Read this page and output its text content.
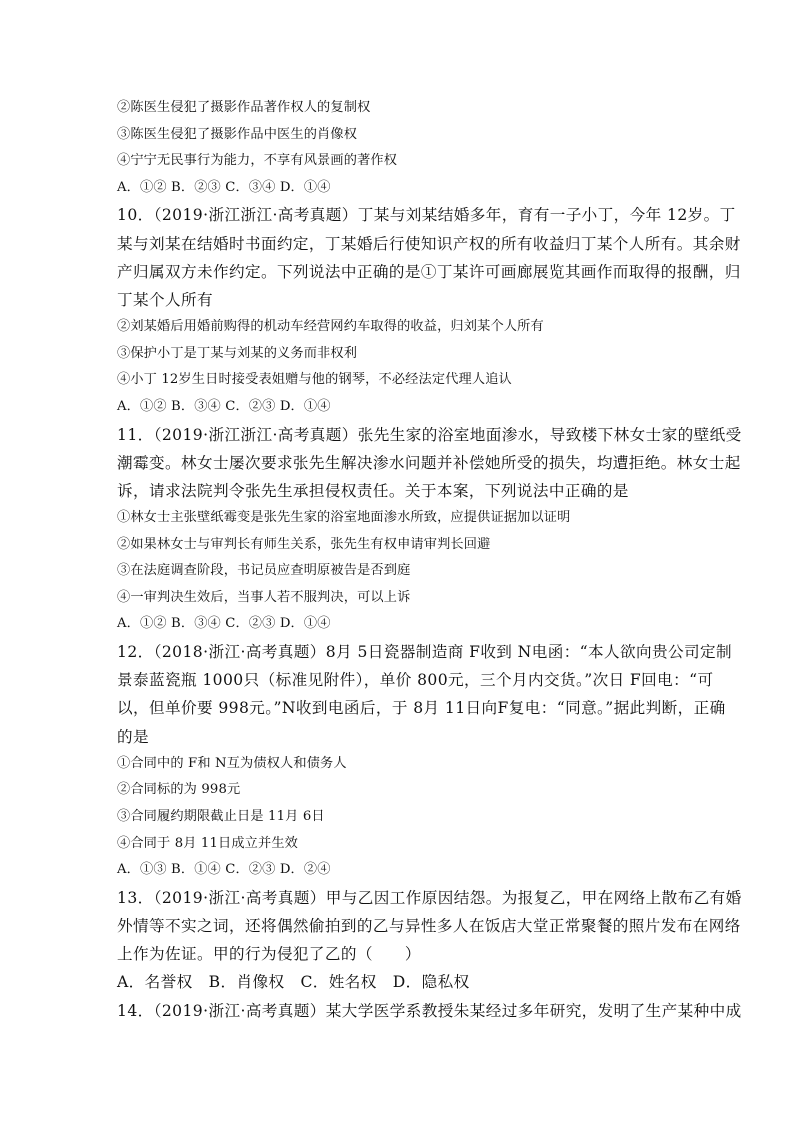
②陈医生侵犯了摄影作品著作权人的复制权
③陈医生侵犯了摄影作品中医生的肖像权
④宁宁无民事行为能力，不享有风景画的著作权
A．①② B．②③ C．③④ D．①④
10．（2019·浙江浙江·高考真题）丁某与刘某结婚多年，育有一子小丁，今年 12岁。丁
某与刘某在结婚时书面约定，丁某婚后行使知识产权的所有收益归丁某个人所有。其余财
产归属双方未作约定。下列说法中正确的是①丁某许可画廊展览其画作而取得的报酬，归
丁某个人所有
②刘某婚后用婚前购得的机动车经营网约车取得的收益，归刘某个人所有
③保护小丁是丁某与刘某的义务而非权利
④小丁 12岁生日时接受表姐赠与他的钢琴，不必经法定代理人追认
A．①② B．③④ C．②③ D．①④
11．（2019·浙江浙江·高考真题）张先生家的浴室地面渗水，导致楼下林女士家的壁纸受
潮霉变。林女士屡次要求张先生解决渗水问题并补偿她所受的损失，均遭拒绝。林女士起
诉，请求法院判令张先生承担侵权责任。关于本案，下列说法中正确的是
①林女士主张壁纸霉变是张先生家的浴室地面渗水所致，应提供证据加以证明
②如果林女士与审判长有师生关系，张先生有权申请审判长回避
③在法庭调查阶段，书记员应查明原被告是否到庭
④一审判决生效后，当事人若不服判决，可以上诉
A．①② B．③④ C．②③ D．①④
12．（2018·浙江·高考真题）8月 5日瓷器制造商 F收到 N电函：“本人欲向贵公司定制
景泰蓝瓷瓶 1000只（标准见附件），单价 800元，三个月内交货。”次日 F回电：“可
以，但单价要 998元。”N收到电函后，于 8月 11日向F复电：“同意。”据此判断，正确
的是
①合同中的 F和 N互为债权人和债务人
②合同标的为 998元
③合同履约期限截止日是 11月 6日
④合同于 8月 11日成立并生效
A．①③ B．①④ C．②③ D．②④
13．（2019·浙江·高考真题）甲与乙因工作原因结怨。为报复乙，甲在网络上散布乙有婚
外情等不实之词，还将偶然偷拍到的乙与异性多人在饭店大堂正常聚餐的照片发布在网络
上作为佐证。甲的行为侵犯了乙的（　　）
A．名誉权　B．肖像权　C．姓名权　D．隐私权
14．（2019·浙江·高考真题）某大学医学系教授朱某经过多年研究，发明了生产某种中成
